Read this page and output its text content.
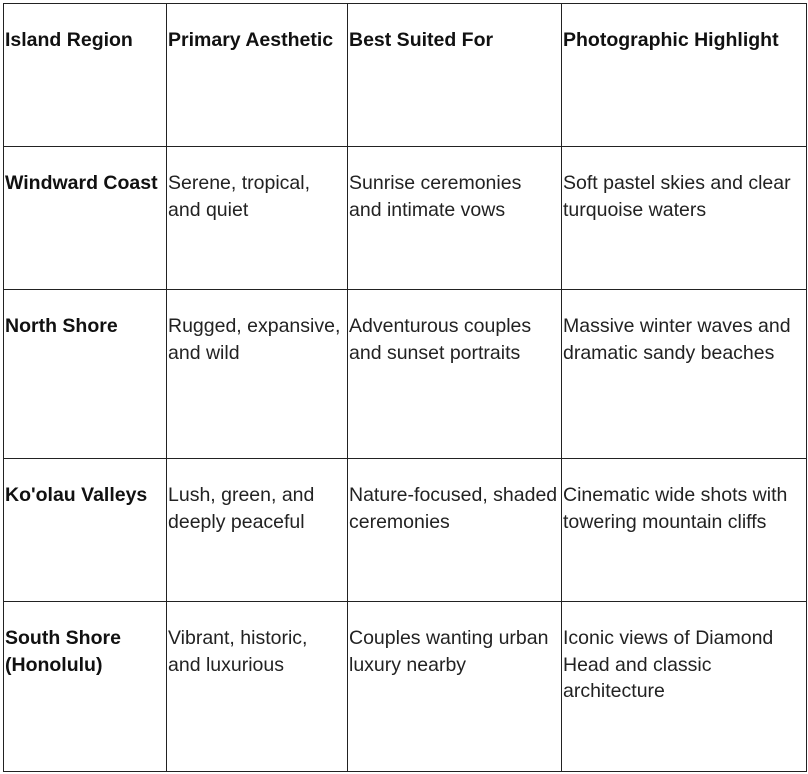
Island Region	Primary Aesthetic	Best Suited For	Photographic Highlight
Windward Coast	Serene, tropical, and quiet	Sunrise ceremonies and intimate vows	Soft pastel skies and clear turquoise waters
North Shore	Rugged, expansive, and wild	Adventurous couples and sunset portraits	Massive winter waves and dramatic sandy beaches
Ko'olau Valleys	Lush, green, and deeply peaceful	Nature-focused, shaded ceremonies	Cinematic wide shots with towering mountain cliffs
South Shore (Honolulu)	Vibrant, historic, and luxurious	Couples wanting urban luxury nearby	Iconic views of Diamond Head and classic architecture
